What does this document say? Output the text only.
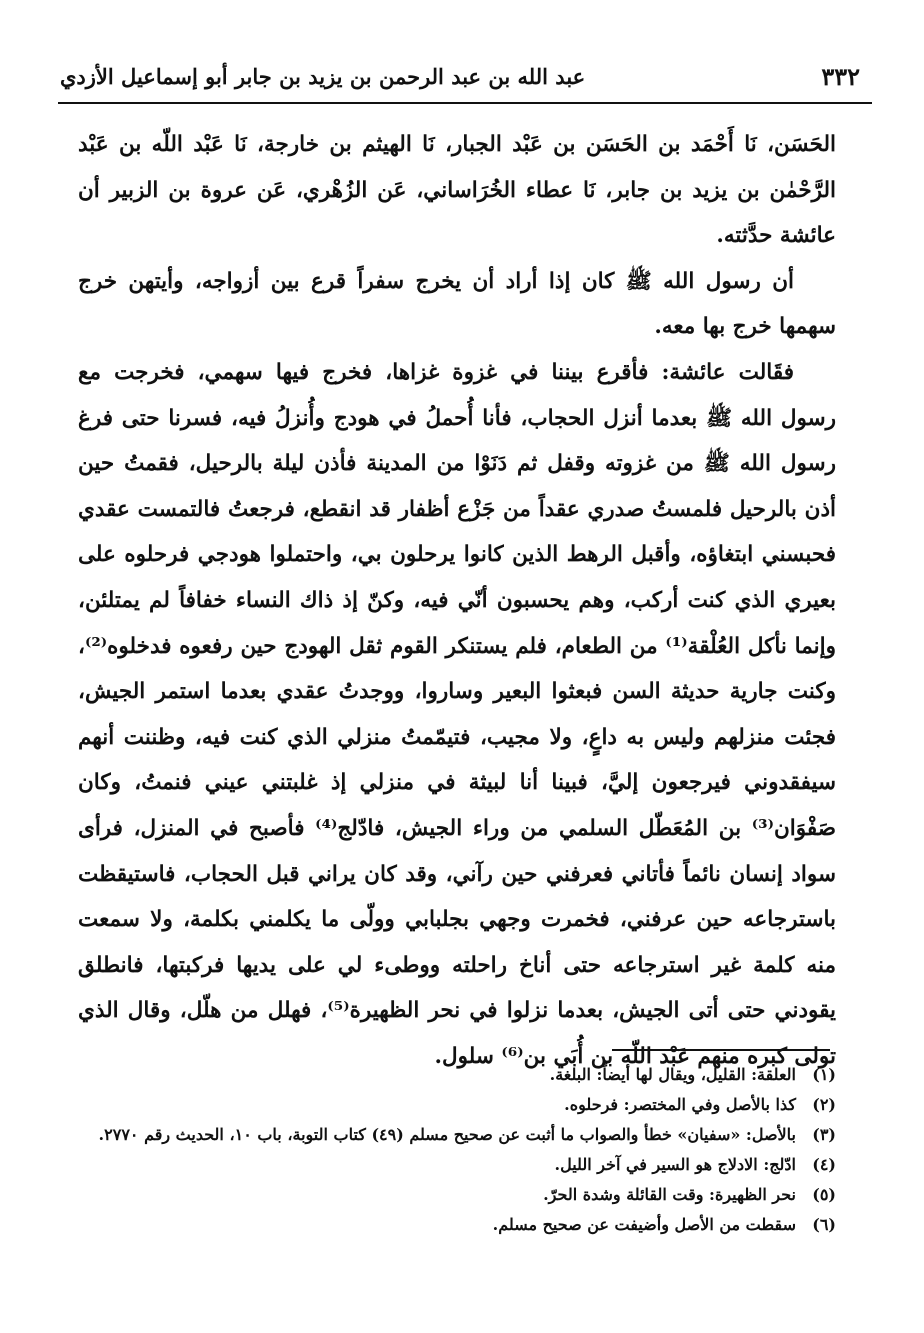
٣٣٢
عبد الله بن عبد الرحمن بن يزيد بن جابر أبو إسماعيل الأزدي

الحَسَن، نَا أَحْمَد بن الحَسَن بن عَبْد الجبار، نَا الهيثم بن خارجة، نَا عَبْد اللّه بن عَبْد الرَّحْمٰن بن يزيد بن جابر، نَا عطاء الخُرَاساني، عَن الزُهْري، عَن عروة بن الزبير أن عائشة حدَّثته.

أن رسول الله ﷺ كان إذا أراد أن يخرج سفراً قرع بين أزواجه، وأيتهن خرج سهمها خرج بها معه.

فقَالت عائشة: فأقرع بيننا في غزوة غزاها، فخرج فيها سهمي، فخرجت مع رسول الله ﷺ بعدما أنزل الحجاب، فأنا أُحملُ في هودج وأُنزلُ فيه، فسرنا حتى فرغ رسول الله ﷺ من غزوته وقفل ثم دَنَوْا من المدينة فأذن ليلة بالرحيل، فقمتُ حين أذن بالرحيل فلمستُ صدري عقداً من جَزْع أظفار قد انقطع، فرجعتُ فالتمست عقدي فحبسني ابتغاؤه، وأقبل الرهط الذين كانوا يرحلون بي، واحتملوا هودجي فرحلوه على بعيري الذي كنت أركب، وهم يحسبون أنّي فيه، وكنّ إذ ذاك النساء خفافاً لم يمتلئن، وإنما نأكل العُلْقة⁽¹⁾ من الطعام، فلم يستنكر القوم ثقل الهودج حين رفعوه فدخلوه⁽²⁾، وكنت جارية حديثة السن فبعثوا البعير وساروا، ووجدتُ عقدي بعدما استمر الجيش، فجئت منزلهم وليس به داعٍ، ولا مجيب، فتيمّمتُ منزلي الذي كنت فيه، وظننت أنهم سيفقدوني فيرجعون إليَّ، فبينا أنا لبيثة في منزلي إذ غلبتني عيني فنمتُ، وكان صَفْوَان⁽³⁾ بن المُعَطّل السلمي من وراء الجيش، فادّلج⁽⁴⁾ فأصبح في المنزل، فرأى سواد إنسان نائماً فأتاني فعرفني حين رآني، وقد كان يراني قبل الحجاب، فاستيقظت باسترجاعه حين عرفني، فخمرت وجهي بجلبابي وولّى ما يكلمني بكلمة، ولا سمعت منه كلمة غير استرجاعه حتى أناخ راحلته ووطىء لي على يديها فركبتها، فانطلق يقودني حتى أتى الجيش، بعدما نزلوا في نحر الظهيرة⁽⁵⁾، فهلل من هلّل، وقال الذي تولى كبره منهم عَبْد اللّه بن أُبَي بن⁽⁶⁾ سلول.

(١)
العلقة: القليل، ويقال لها أيضاً: البلغة.
(٢)
كذا بالأصل وفي المختصر: فرحلوه.
(٣)
بالأصل: «سفيان» خطأ والصواب ما أثبت عن صحيح مسلم (٤٩) كتاب التوبة، باب ١٠، الحديث رقم ٢٧٧٠.
(٤)
ادّلج: الادلاج هو السير في آخر الليل.
(٥)
نحر الظهيرة: وقت القائلة وشدة الحرّ.
(٦)
سقطت من الأصل وأضيفت عن صحيح مسلم.
